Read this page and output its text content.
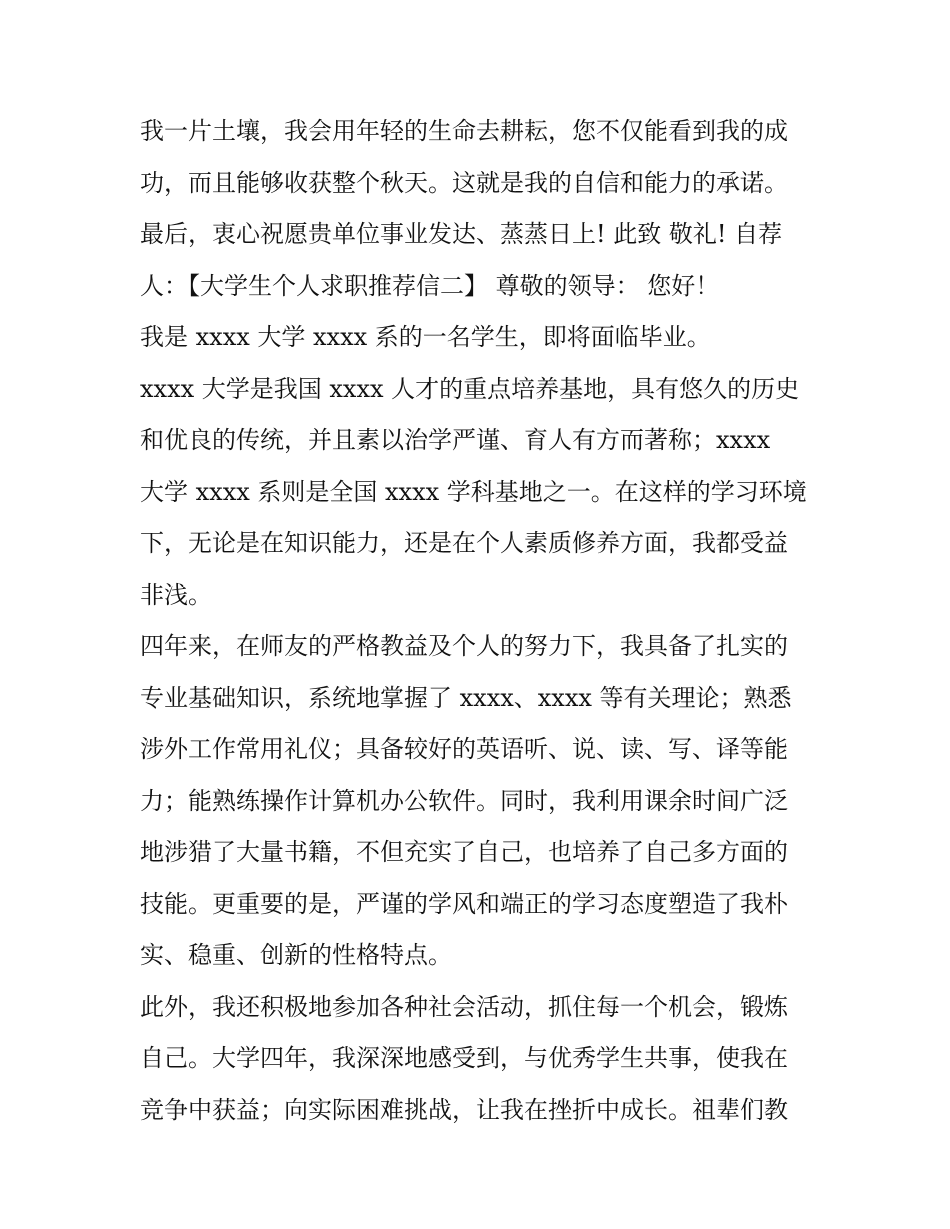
我一片土壤，我会用年轻的生命去耕耘，您不仅能看到我的成
功，而且能够收获整个秋天。这就是我的自信和能力的承诺。
最后，衷心祝愿贵单位事业发达、蒸蒸日上! 此致 敬礼! 自荐
人：【大学生个人求职推荐信二】 尊敬的领导： 您好！
我是 xxxx 大学 xxxx 系的一名学生，即将面临毕业。
xxxx 大学是我国 xxxx 人才的重点培养基地，具有悠久的历史
和优良的传统，并且素以治学严谨、育人有方而著称；xxxx
大学 xxxx 系则是全国 xxxx 学科基地之一。在这样的学习环境
下，无论是在知识能力，还是在个人素质修养方面，我都受益
非浅。
四年来，在师友的严格教益及个人的努力下，我具备了扎实的
专业基础知识，系统地掌握了 xxxx、xxxx 等有关理论；熟悉
涉外工作常用礼仪；具备较好的英语听、说、读、写、译等能
力；能熟练操作计算机办公软件。同时，我利用课余时间广泛
地涉猎了大量书籍，不但充实了自己，也培养了自己多方面的
技能。更重要的是，严谨的学风和端正的学习态度塑造了我朴
实、稳重、创新的性格特点。
此外，我还积极地参加各种社会活动，抓住每一个机会，锻炼
自己。大学四年，我深深地感受到，与优秀学生共事，使我在
竞争中获益；向实际困难挑战，让我在挫折中成长。祖辈们教
